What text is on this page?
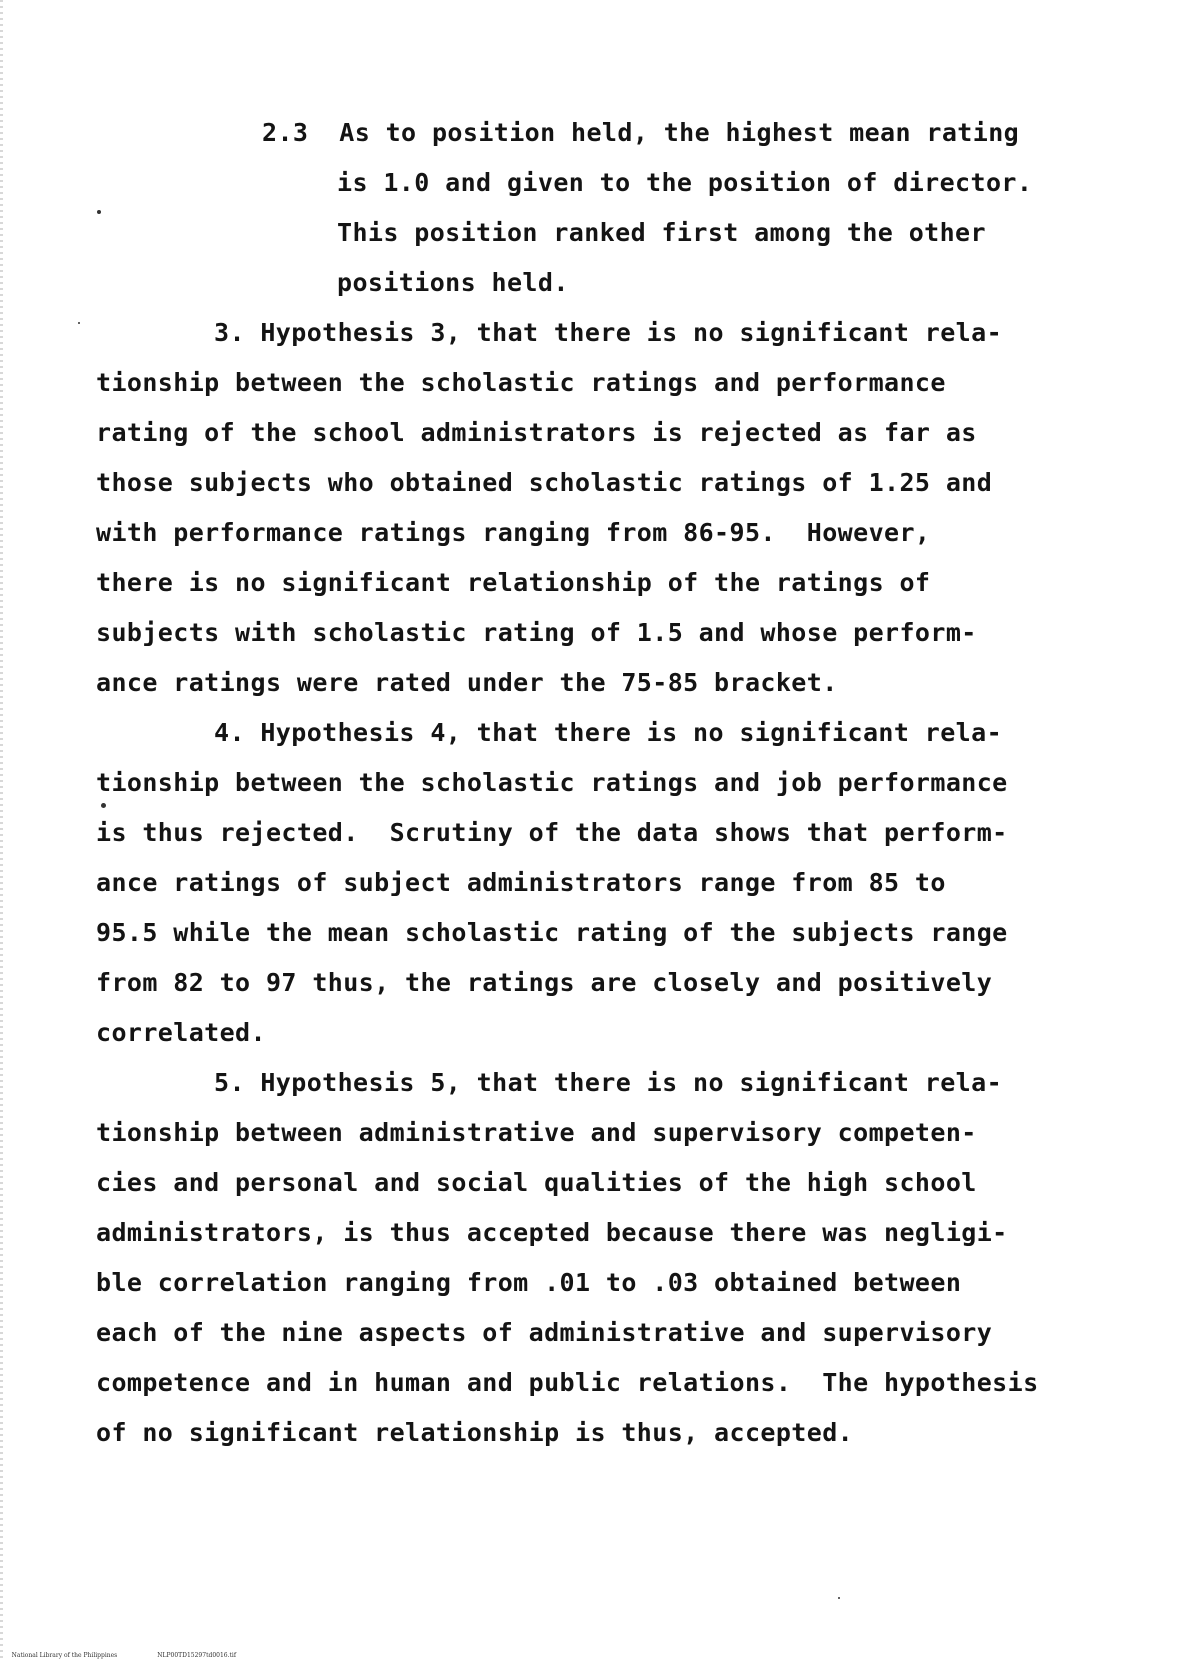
2.3  As to position held, the highest mean rating
is 1.0 and given to the position of director.
This position ranked first among the other
positions held.
3. Hypothesis 3, that there is no significant rela-
tionship between the scholastic ratings and performance
rating of the school administrators is rejected as far as
those subjects who obtained scholastic ratings of 1.25 and
with performance ratings ranging from 86-95.  However,
there is no significant relationship of the ratings of
subjects with scholastic rating of 1.5 and whose perform-
ance ratings were rated under the 75-85 bracket.
4. Hypothesis 4, that there is no significant rela-
tionship between the scholastic ratings and job performance
is thus rejected.  Scrutiny of the data shows that perform-
ance ratings of subject administrators range from 85 to
95.5 while the mean scholastic rating of the subjects range
from 82 to 97 thus, the ratings are closely and positively
correlated.
5. Hypothesis 5, that there is no significant rela-
tionship between administrative and supervisory competen-
cies and personal and social qualities of the high school
administrators, is thus accepted because there was negligi-
ble correlation ranging from .01 to .03 obtained between
each of the nine aspects of administrative and supervisory
competence and in human and public relations.  The hypothesis
of no significant relationship is thus, accepted.

National Library of the Philippines	NLP00TD15297td0016.tif
